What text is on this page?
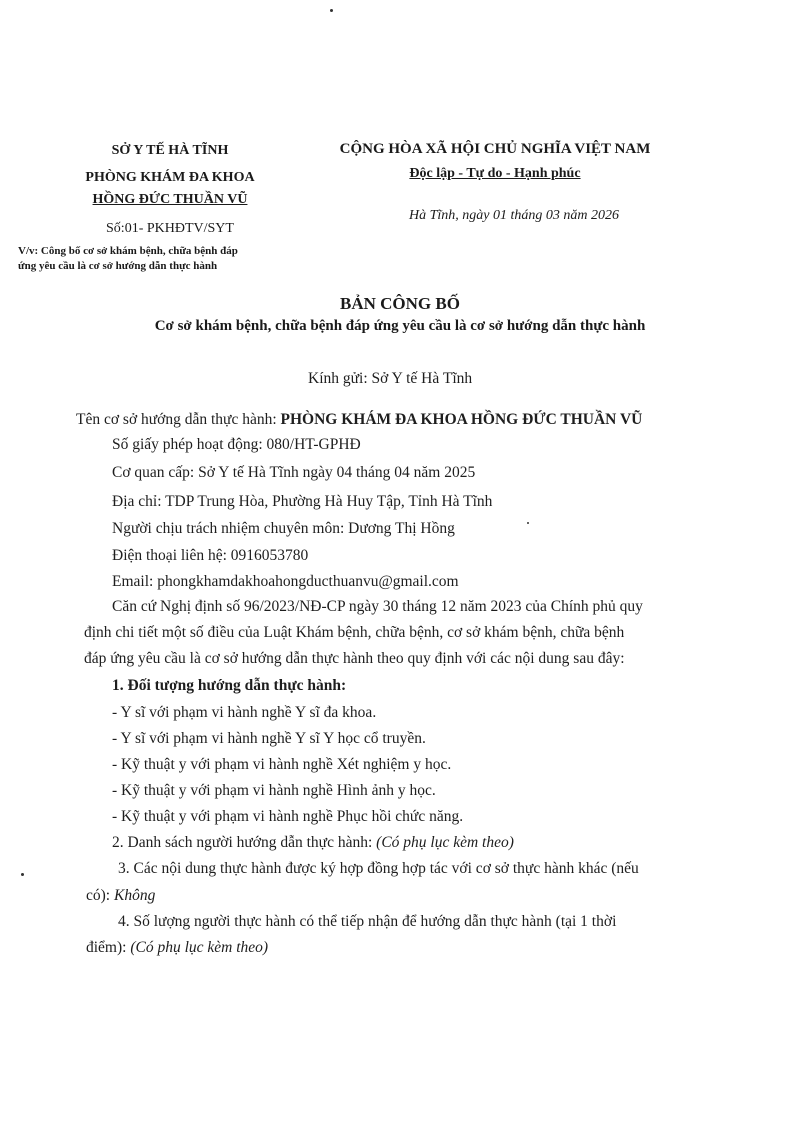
SỞ Y TẾ HÀ TĨNH
PHÒNG KHÁM ĐA KHOA
HỒNG ĐỨC THUẦN VŨ
Số:01- PKHĐTV/SYT
V/v: Công bố cơ sở khám bệnh, chữa bệnh đáp
ứng yêu cầu là cơ sở hướng dẫn thực hành
CỘNG HÒA XÃ HỘI CHỦ NGHĨA VIỆT NAM
Độc lập - Tự do - Hạnh phúc
Hà Tĩnh, ngày 01 tháng 03 năm 2026
BẢN CÔNG BỐ
Cơ sở khám bệnh, chữa bệnh đáp ứng yêu cầu là cơ sở hướng dẫn thực hành
Kính gửi: Sở Y tế Hà Tĩnh
Tên cơ sở hướng dẫn thực hành: PHÒNG KHÁM ĐA KHOA HỒNG ĐỨC THUẦN VŨ
Số giấy phép hoạt động: 080/HT-GPHĐ
Cơ quan cấp: Sở Y tế Hà Tĩnh ngày 04 tháng 04 năm 2025
Địa chỉ: TDP Trung Hòa, Phường Hà Huy Tập, Tỉnh Hà Tĩnh
Người chịu trách nhiệm chuyên môn: Dương Thị Hồng
Điện thoại liên hệ: 0916053780
Email: phongkhamdakhoahongducthuanvu@gmail.com
Căn cứ Nghị định số 96/2023/NĐ-CP ngày 30 tháng 12 năm 2023 của Chính phủ quy
định chi tiết một số điều của Luật Khám bệnh, chữa bệnh, cơ sở khám bệnh, chữa bệnh
đáp ứng yêu cầu là cơ sở hướng dẫn thực hành theo quy định với các nội dung sau đây:
1. Đối tượng hướng dẫn thực hành:
- Y sĩ với phạm vi hành nghề Y sĩ đa khoa.
- Y sĩ với phạm vi hành nghề Y sĩ Y học cổ truyền.
- Kỹ thuật y với phạm vi hành nghề Xét nghiệm y học.
- Kỹ thuật y với phạm vi hành nghề Hình ảnh y học.
- Kỹ thuật y với phạm vi hành nghề Phục hồi chức năng.
2. Danh sách người hướng dẫn thực hành: (Có phụ lục kèm theo)
3. Các nội dung thực hành được ký hợp đồng hợp tác với cơ sở thực hành khác (nếu
có): Không
4. Số lượng người thực hành có thể tiếp nhận để hướng dẫn thực hành (tại 1 thời
điểm): (Có phụ lục kèm theo)
